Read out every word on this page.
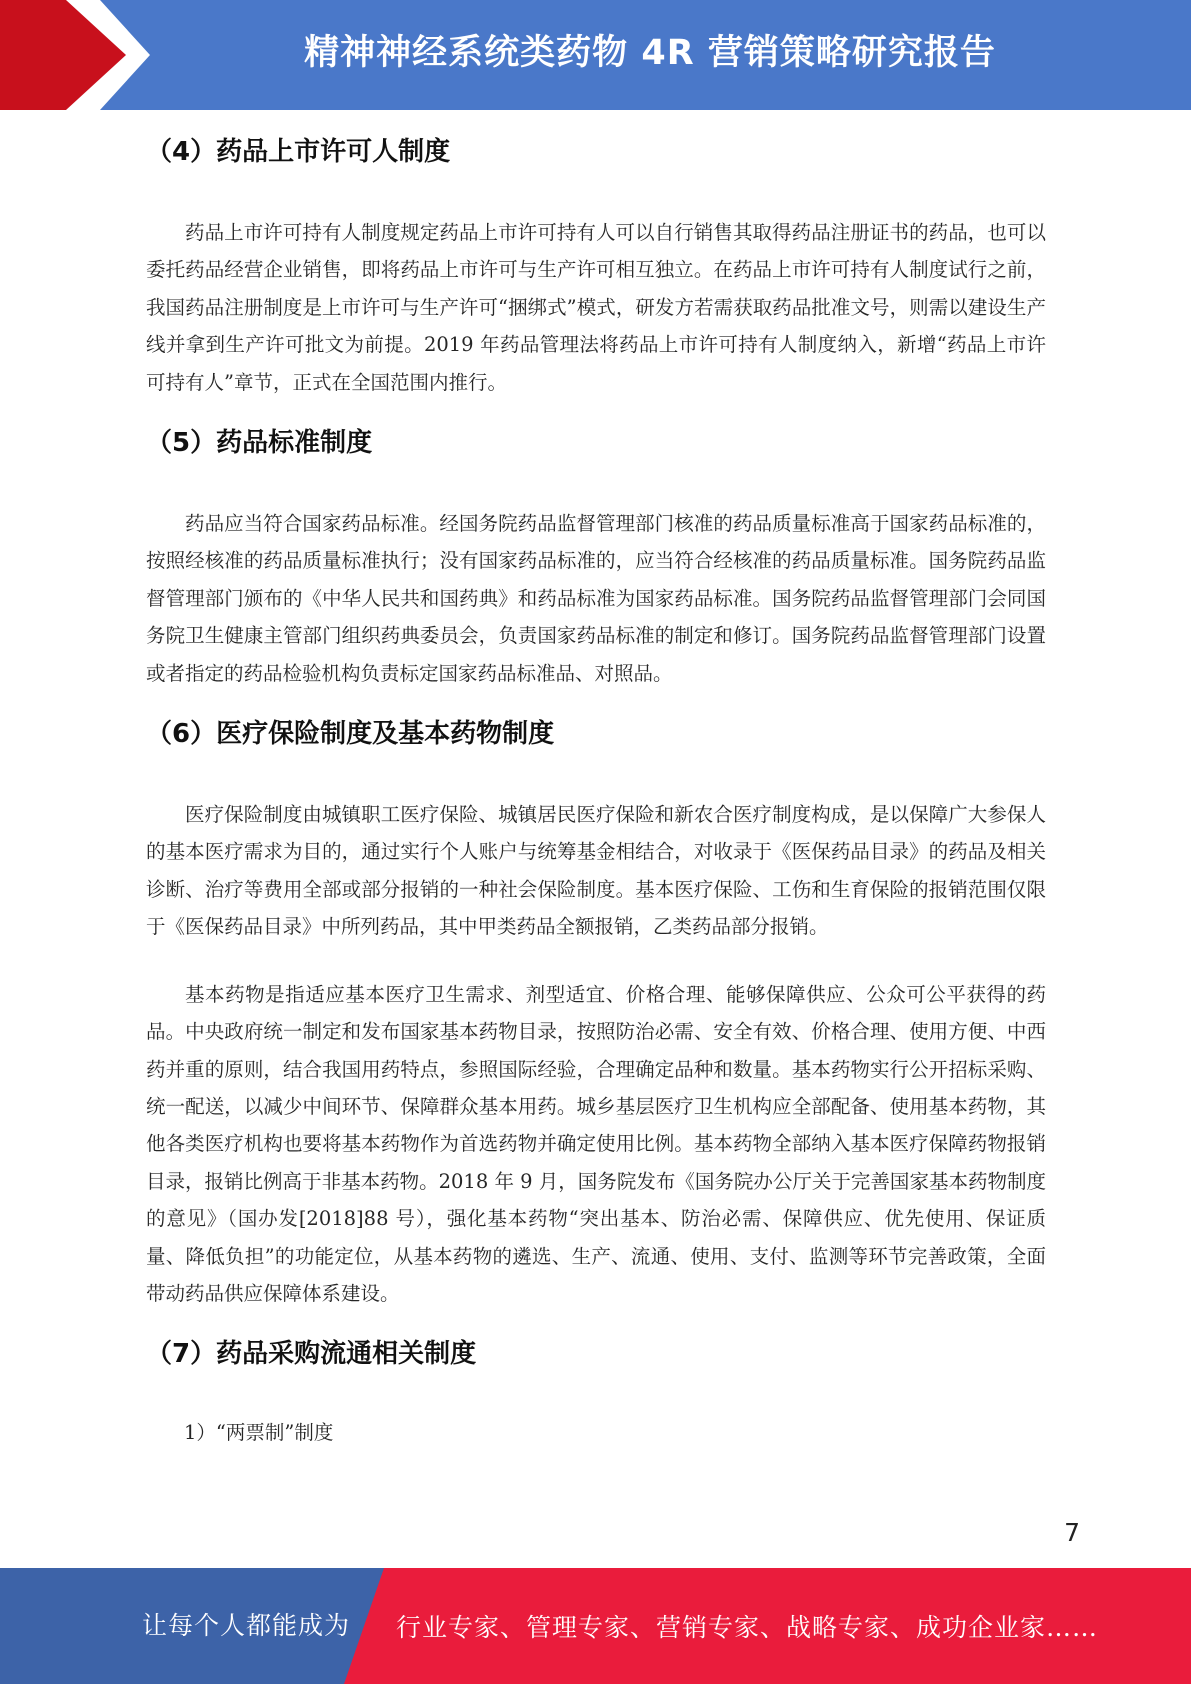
精神神经系统类药物 4R 营销策略研究报告
（4）药品上市许可人制度

药品上市许可持有人制度规定药品上市许可持有人可以自行销售其取得药品注册证书的药品，也可以委托药品经营企业销售，即将药品上市许可与生产许可相互独立。在药品上市许可持有人制度试行之前，我国药品注册制度是上市许可与生产许可“捆绑式”模式，研发方若需获取药品批准文号，则需以建设生产线并拿到生产许可批文为前提。2019 年药品管理法将药品上市许可持有人制度纳入，新增“药品上市许可持有人”章节，正式在全国范围内推行。

（5）药品标准制度

药品应当符合国家药品标准。经国务院药品监督管理部门核准的药品质量标准高于国家药品标准的，按照经核准的药品质量标准执行；没有国家药品标准的，应当符合经核准的药品质量标准。国务院药品监督管理部门颁布的《中华人民共和国药典》和药品标准为国家药品标准。国务院药品监督管理部门会同国务院卫生健康主管部门组织药典委员会，负责国家药品标准的制定和修订。国务院药品监督管理部门设置或者指定的药品检验机构负责标定国家药品标准品、对照品。

（6）医疗保险制度及基本药物制度

医疗保险制度由城镇职工医疗保险、城镇居民医疗保险和新农合医疗制度构成，是以保障广大参保人的基本医疗需求为目的，通过实行个人账户与统筹基金相结合，对收录于《医保药品目录》的药品及相关诊断、治疗等费用全部或部分报销的一种社会保险制度。基本医疗保险、工伤和生育保险的报销范围仅限于《医保药品目录》中所列药品，其中甲类药品全额报销，乙类药品部分报销。

基本药物是指适应基本医疗卫生需求、剂型适宜、价格合理、能够保障供应、公众可公平获得的药品。中央政府统一制定和发布国家基本药物目录，按照防治必需、安全有效、价格合理、使用方便、中西药并重的原则，结合我国用药特点，参照国际经验，合理确定品种和数量。基本药物实行公开招标采购、统一配送，以减少中间环节、保障群众基本用药。城乡基层医疗卫生机构应全部配备、使用基本药物，其他各类医疗机构也要将基本药物作为首选药物并确定使用比例。基本药物全部纳入基本医疗保障药物报销目录，报销比例高于非基本药物。2018 年 9 月，国务院发布《国务院办公厅关于完善国家基本药物制度的意见》（国办发[2018]88 号），强化基本药物“突出基本、防治必需、保障供应、优先使用、保证质量、降低负担”的功能定位，从基本药物的遴选、生产、流通、使用、支付、监测等环节完善政策，全面带动药品供应保障体系建设。

（7）药品采购流通相关制度

1）“两票制”制度

7
让每个人都能成为 行业专家、管理专家、营销专家、战略专家、成功企业家……
